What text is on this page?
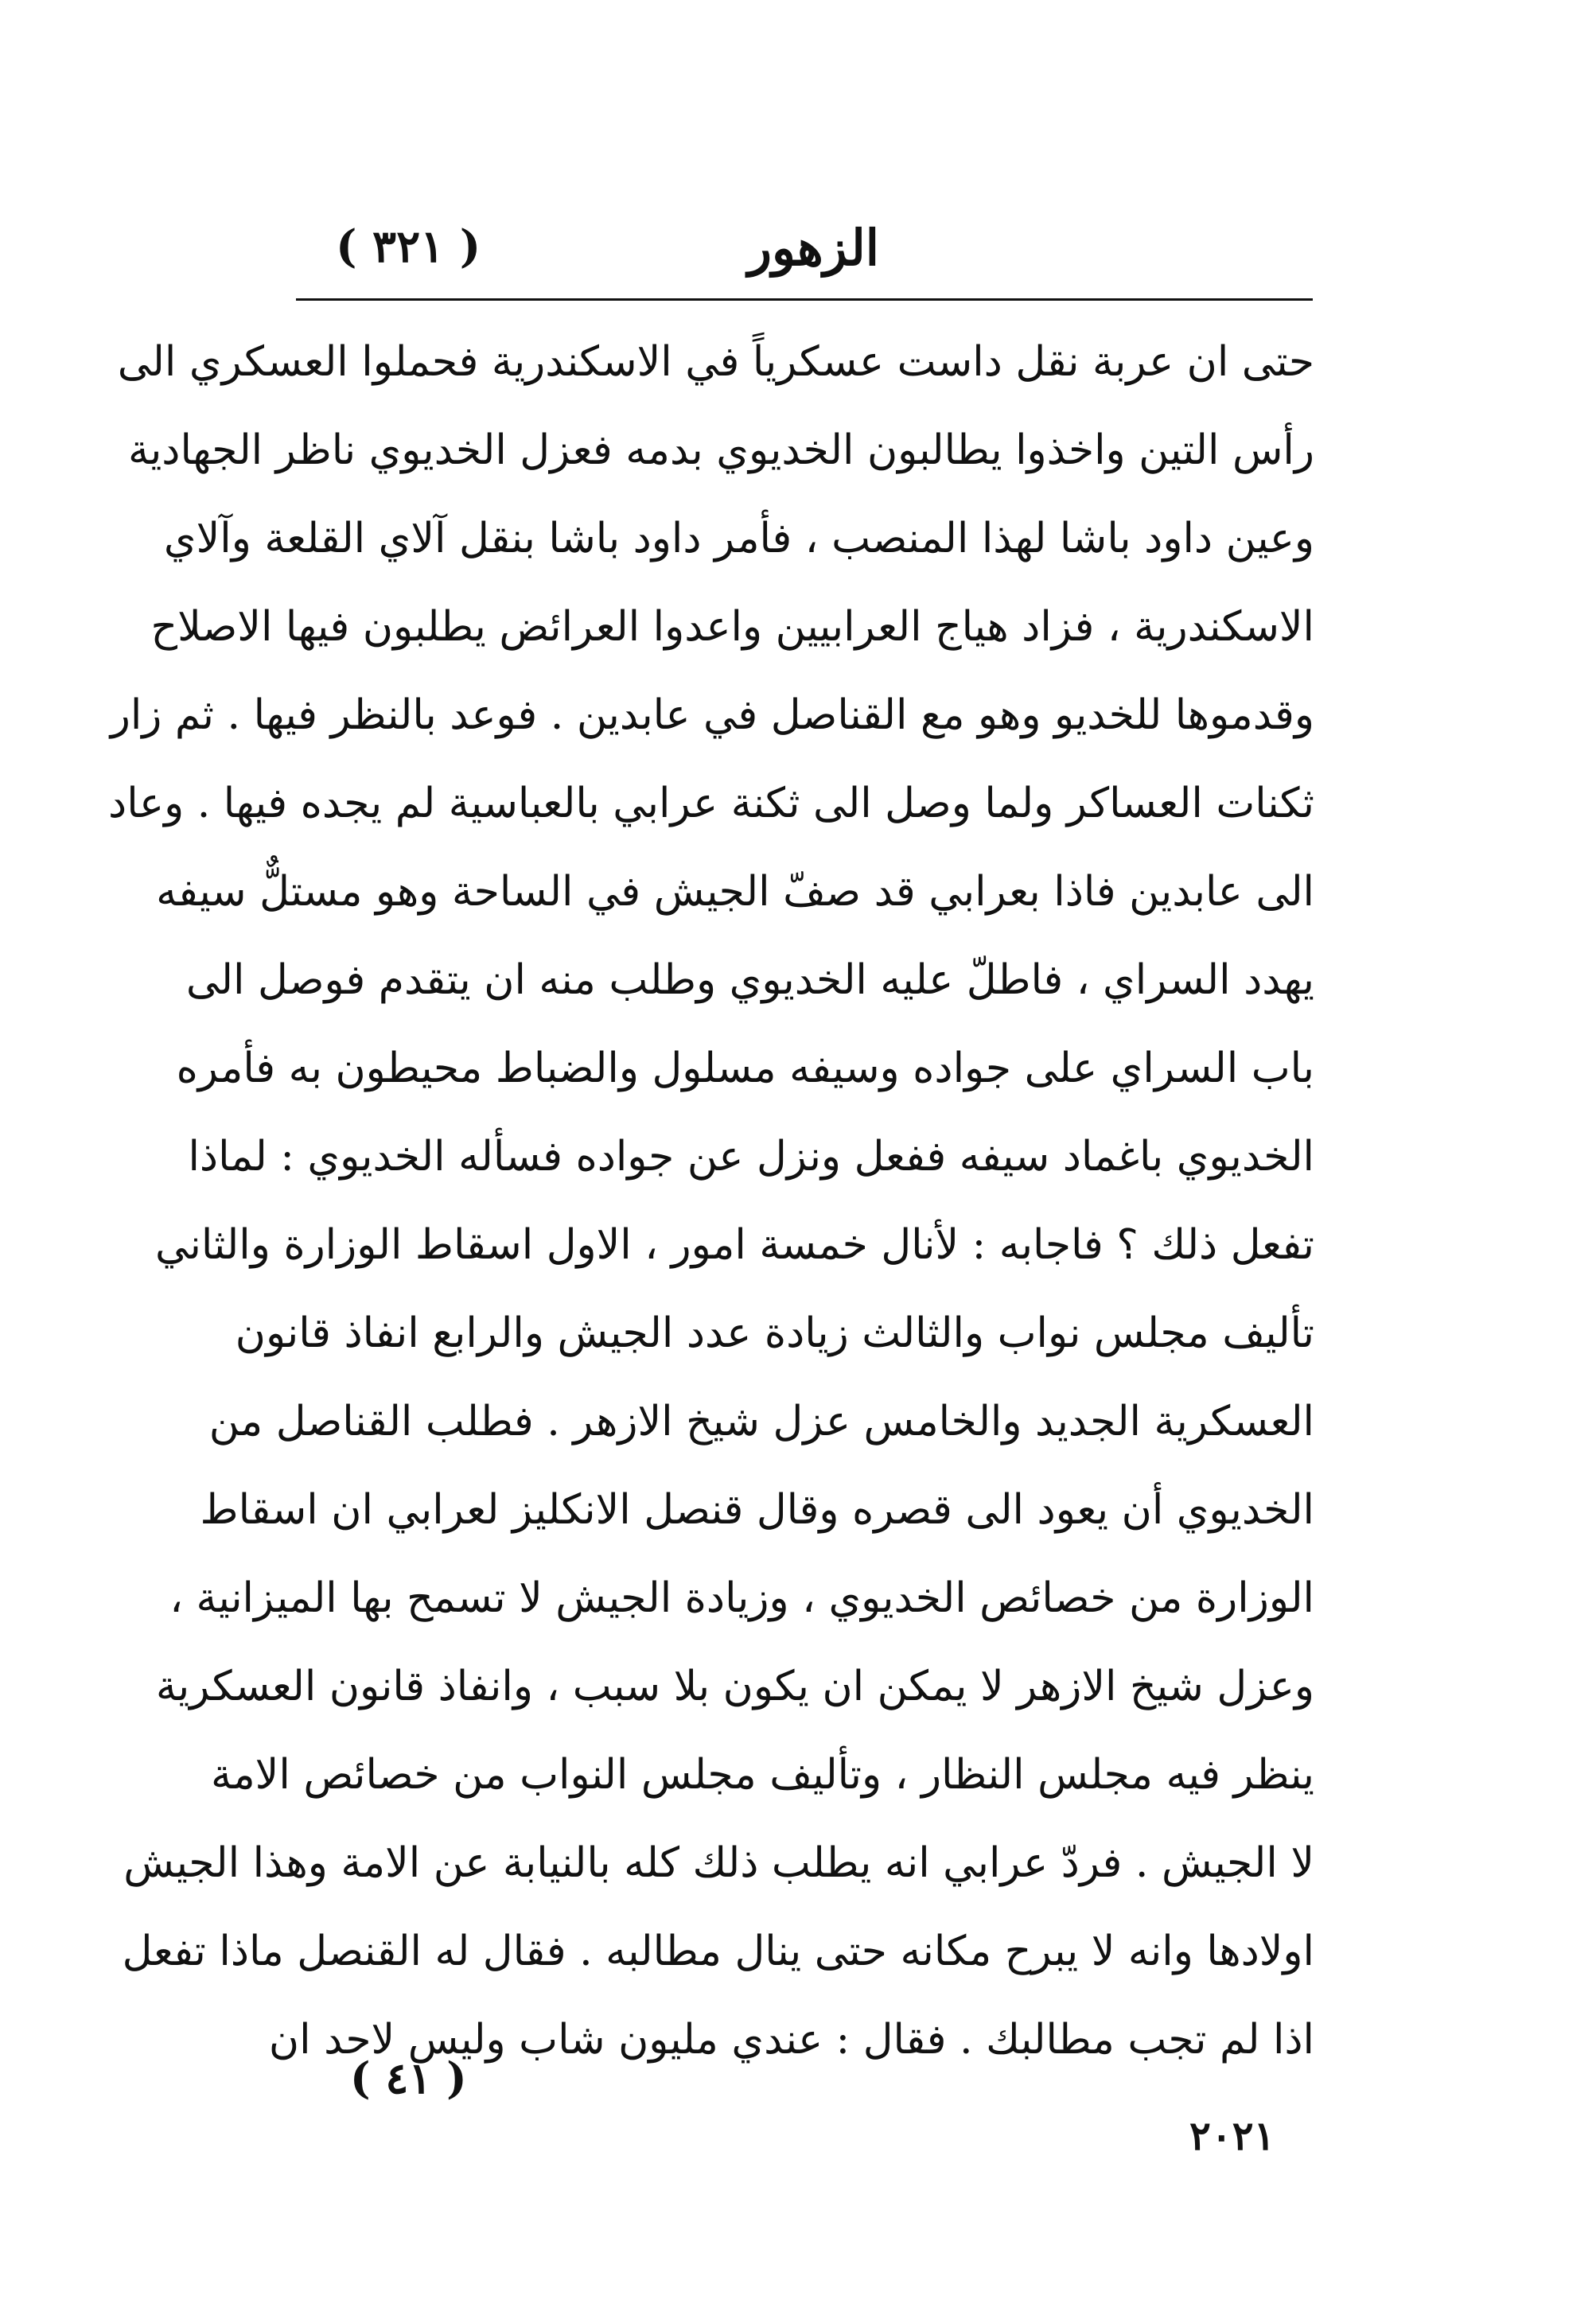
الزهور
( ٣٢١ )
حتى ان عربة نقل داست عسكرياً في الاسكندرية فحملوا العسكري الى
رأس التين واخذوا يطالبون الخديوي بدمه فعزل الخديوي ناظر الجهادية
وعين داود باشا لهذا المنصب ، فأمر داود باشا بنقل آلاي القلعة وآلاي
الاسكندرية ، فزاد هياج العرابيين واعدوا العرائض يطلبون فيها الاصلاح
وقدموها للخديو وهو مع القناصل في عابدين . فوعد بالنظر فيها . ثم زار
ثكنات العساكر ولما وصل الى ثكنة عرابي بالعباسية لم يجده فيها . وعاد
الى عابدين فاذا بعرابي قد صفّ الجيش في الساحة وهو مستلٌّ سيفه
يهدد السراي ، فاطلّ عليه الخديوي وطلب منه ان يتقدم فوصل الى
باب السراي على جواده وسيفه مسلول والضباط محيطون به فأمره
الخديوي باغماد سيفه ففعل ونزل عن جواده فسأله الخديوي : لماذا
تفعل ذلك ؟ فاجابه : لأنال خمسة امور ، الاول اسقاط الوزارة والثاني
تأليف مجلس نواب والثالث زيادة عدد الجيش والرابع انفاذ قانون
العسكرية الجديد والخامس عزل شيخ الازهر . فطلب القناصل من
الخديوي أن يعود الى قصره وقال قنصل الانكليز لعرابي ان اسقاط
الوزارة من خصائص الخديوي ، وزيادة الجيش لا تسمح بها الميزانية ،
وعزل شيخ الازهر لا يمكن ان يكون بلا سبب ، وانفاذ قانون العسكرية
ينظر فيه مجلس النظار ، وتأليف مجلس النواب من خصائص الامة
لا الجيش . فردّ عرابي انه يطلب ذلك كله بالنيابة عن الامة وهذا الجيش
اولادها وانه لا يبرح مكانه حتى ينال مطالبه . فقال له القنصل ماذا تفعل
اذا لم تجب مطالبك . فقال : عندي مليون شاب وليس لاحد ان
( ٤١ )
٢٠٢١
